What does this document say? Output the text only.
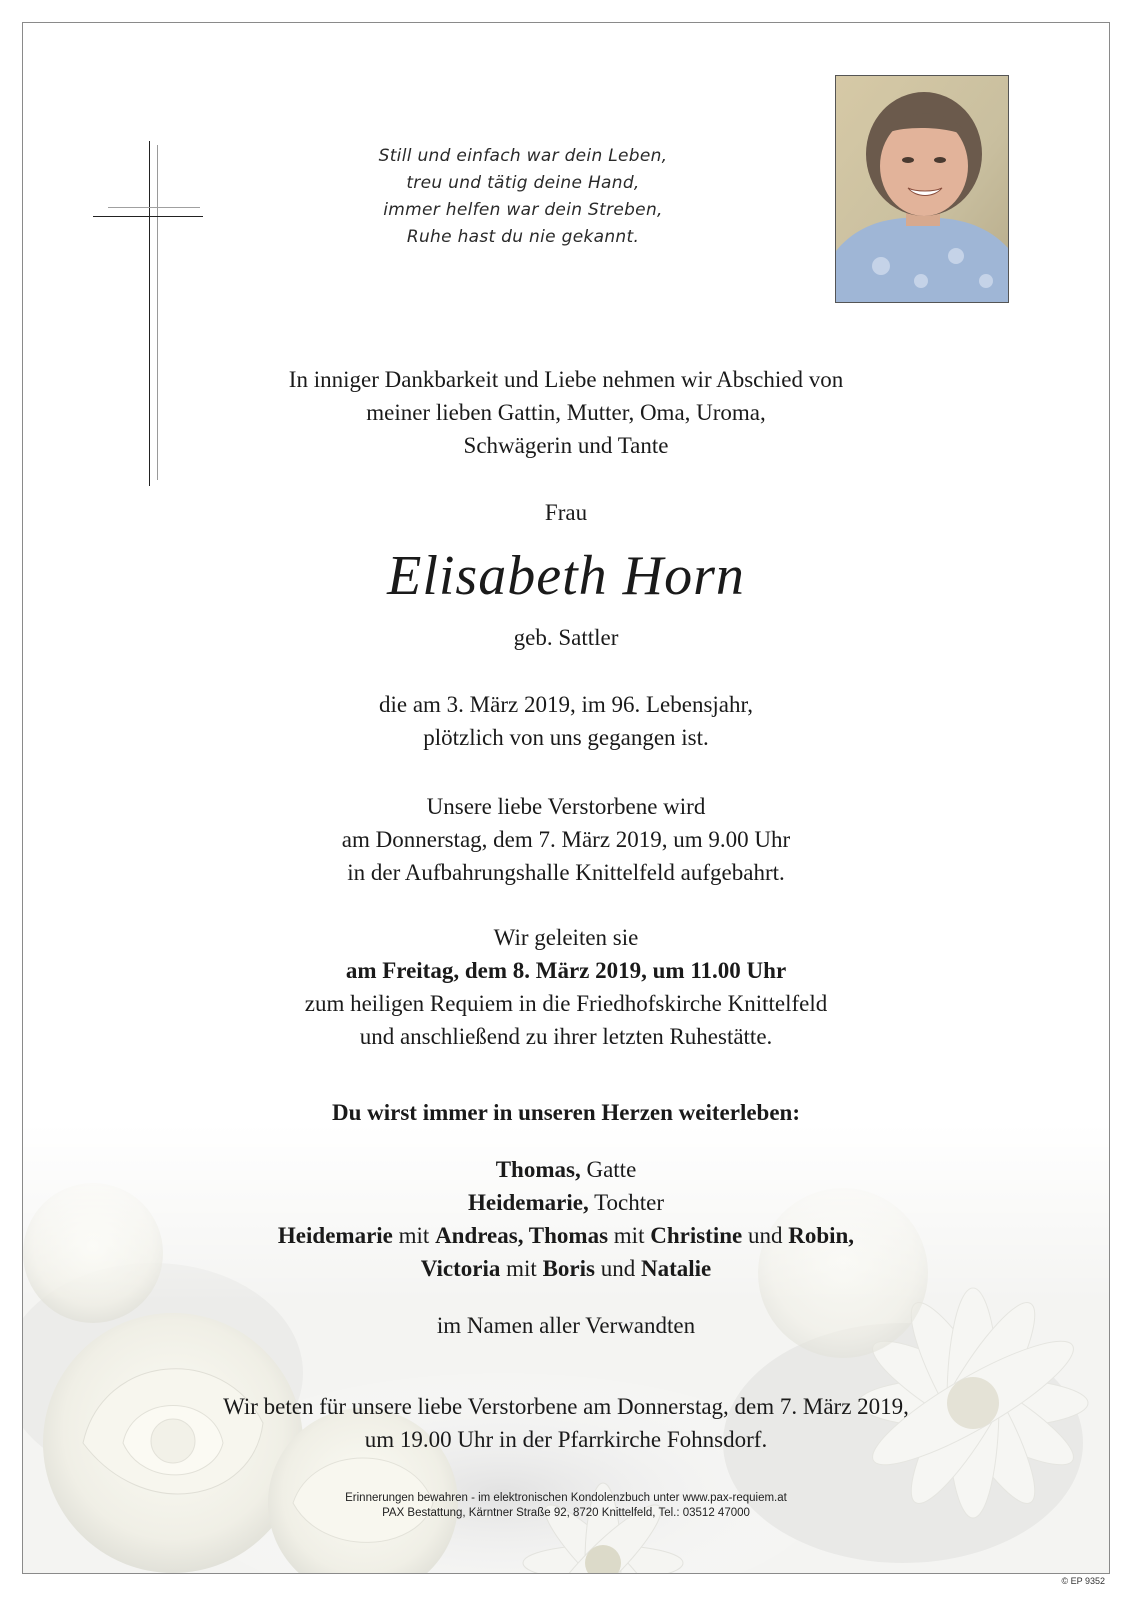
Still und einfach war dein Leben,
treu und tätig deine Hand,
immer helfen war dein Streben,
Ruhe hast du nie gekannt.
In inniger Dankbarkeit und Liebe nehmen wir Abschied von
meiner lieben Gattin, Mutter, Oma, Uroma,
Schwägerin und Tante
Frau
Elisabeth Horn
geb. Sattler
die am 3. März 2019, im 96. Lebensjahr,
plötzlich von uns gegangen ist.
Unsere liebe Verstorbene wird
am Donnerstag, dem 7. März 2019, um 9.00 Uhr
in der Aufbahrungshalle Knittelfeld aufgebahrt.
Wir geleiten sie
am Freitag, dem 8. März 2019, um 11.00 Uhr
zum heiligen Requiem in die Friedhofskirche Knittelfeld
und anschließend zu ihrer letzten Ruhestätte.
Du wirst immer in unseren Herzen weiterleben:
Thomas, Gatte
Heidemarie, Tochter
Heidemarie mit Andreas, Thomas mit Christine und Robin,
Victoria mit Boris und Natalie
im Namen aller Verwandten
Wir beten für unsere liebe Verstorbene am Donnerstag, dem 7. März 2019,
um 19.00 Uhr in der Pfarrkirche Fohnsdorf.
Erinnerungen bewahren - im elektronischen Kondolenzbuch unter www.pax-requiem.at
PAX Bestattung, Kärntner Straße 92, 8720 Knittelfeld, Tel.: 03512 47000
© EP 9352
